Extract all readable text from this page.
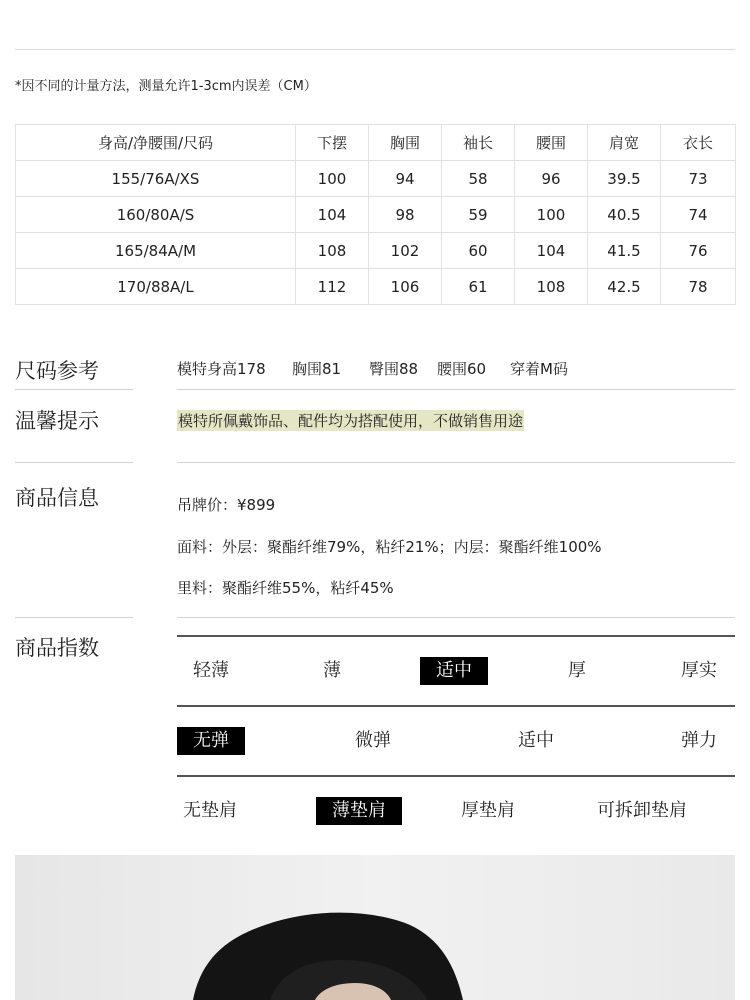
*因不同的计量方法，测量允许1-3cm内误差（CM）
身高/净腰围/尺码	下摆	胸围	袖长	腰围	肩宽	衣长
155/76A/XS	100	94	58	96	39.5	73
160/80A/S	104	98	59	100	40.5	74
165/84A/M	108	102	60	104	41.5	76
170/88A/L	112	106	61	108	42.5	78
尺码参考	模特身高178 胸围81 臀围88 腰围60 穿着M码
温馨提示	模特所佩戴饰品、配件均为搭配使用，不做销售用途
商品信息	吊牌价：¥899
面料：外层：聚酯纤维79%，粘纤21%；内层：聚酯纤维100%
里料：聚酯纤维55%，粘纤45%
商品指数
轻薄	薄	适中	厚	厚实
无弹	微弹	适中	弹力
无垫肩	薄垫肩	厚垫肩	可拆卸垫肩
